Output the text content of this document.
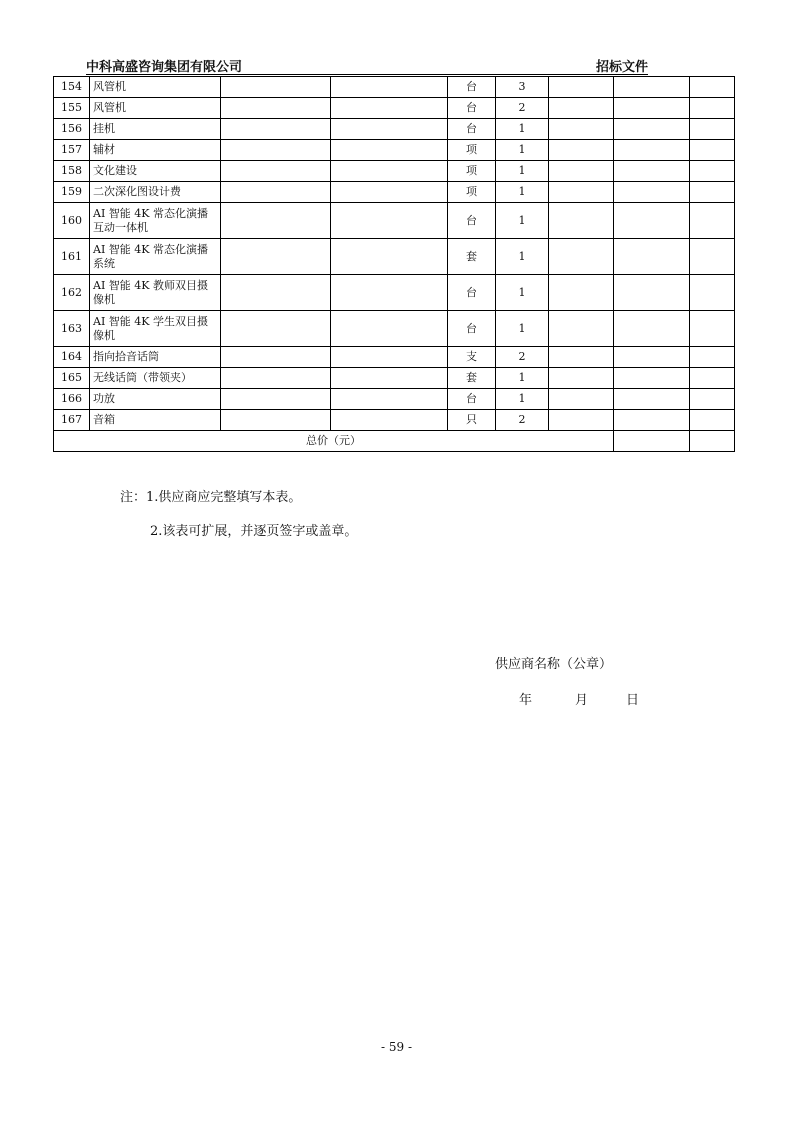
中科高盛咨询集团有限公司	招标文件
154	风管机			台	3			
155	风管机			台	2			
156	挂机			台	1			
157	辅材			项	1			
158	文化建设			项	1			
159	二次深化图设计费			项	1			
160	AI 智能 4K 常态化演播互动一体机			台	1			
161	AI 智能 4K 常态化演播系统			套	1			
162	AI 智能 4K 教师双目摄像机			台	1			
163	AI 智能 4K 学生双目摄像机			台	1			
164	指向拾音话筒			支	2			
165	无线话筒（带领夹）			套	1			
166	功放			台	1			
167	音箱			只	2			
总价（元）								
注：1.供应商应完整填写本表。
2.该表可扩展，并逐页签字或盖章。
供应商名称（公章）
年	月	日
- 59 -
